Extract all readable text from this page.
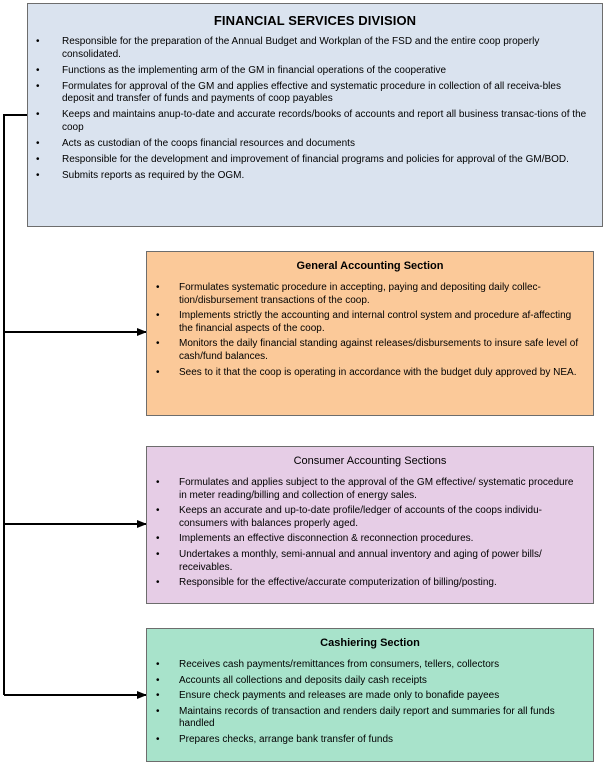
FINANCIAL SERVICES DIVISION
• Responsible for the preparation of the Annual Budget and Workplan of the FSD and the entire coop properly consolidated.
• Functions as the implementing arm of the GM in financial operations of the cooperative
• Formulates for approval of the GM and applies effective and systematic procedure in collection of all receiva-bles deposit and transfer of funds and payments of coop payables
• Keeps and maintains anup-to-date and accurate records/books of accounts and report all business transac-tions of the coop
• Acts as custodian of the coops financial resources and documents
• Responsible for the development and improvement of financial programs and policies for approval of the GM/BOD.
• Submits reports as required by the OGM.
General Accounting Section
• Formulates systematic procedure in accepting, paying and depositing daily collec-tion/disbursement transactions of the coop.
• Implements strictly the accounting and internal control system and procedure af-affecting the financial aspects of the coop.
• Monitors the daily financial standing against releases/disbursements to insure safe level of cash/fund balances.
• Sees to it that the coop is operating in accordance with the budget duly approved by NEA.
Consumer Accounting Sections
• Formulates and applies subject to the approval of the GM effective/ systematic procedure in meter reading/billing and collection of energy sales.
• Keeps an accurate and up-to-date profile/ledger of accounts of the coops individu-consumers with balances properly aged.
• Implements an effective disconnection & reconnection procedures.
• Undertakes a monthly, semi-annual and annual inventory and aging of power bills/ receivables.
• Responsible for the effective/accurate computerization of billing/posting.
Cashiering Section
• Receives cash payments/remittances from consumers, tellers, collectors
• Accounts all collections and deposits daily cash receipts
• Ensure check payments and releases are made only to bonafide payees
• Maintains records of transaction and renders daily report and summaries for all funds handled
• Prepares checks, arrange bank transfer of funds
